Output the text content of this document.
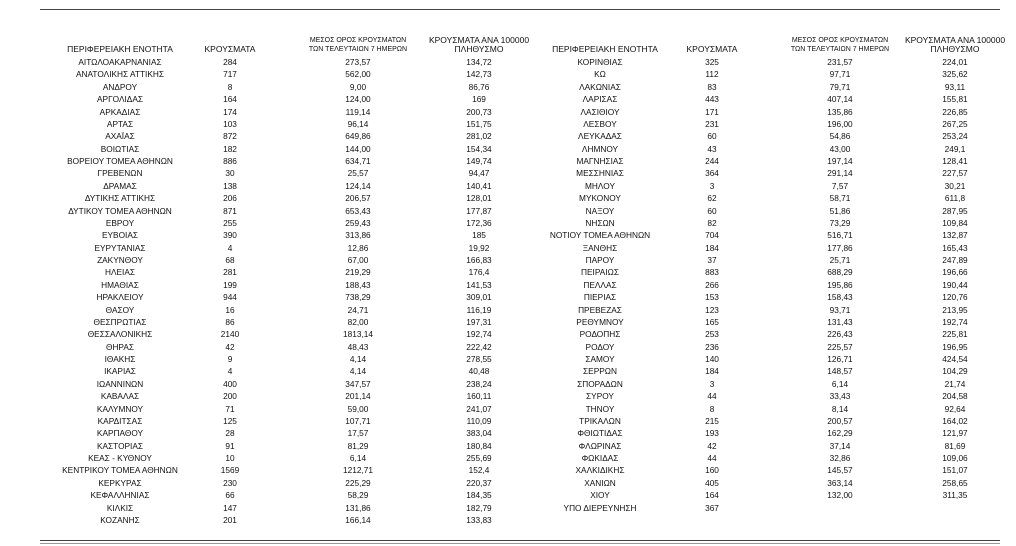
ΠΕΡΙΦΕΡΕΙΑΚΗ ΕΝΟΤΗΤΑ	ΚΡΟΥΣΜΑΤΑ
ΜΕΣΟΣ ΟΡΟΣ ΚΡΟΥΣΜΑΤΩΝ
ΤΩΝ ΤΕΛΕΥΤΑΙΩΝ 7 ΗΜΕΡΩΝ
ΚΡΟΥΣΜΑΤΑ ΑΝΑ 100000
ΠΛΗΘΥΣΜΟ
ΑΙΤΩΛΟΑΚΑΡΝΑΝΙΑΣ	284	273,57	134,72
ΑΝΑΤΟΛΙΚΗΣ ΑΤΤΙΚΗΣ	717	562,00	142,73
ΑΝΔΡΟΥ	8	9,00	86,76
ΑΡΓΟΛΙΔΑΣ	164	124,00	169
ΑΡΚΑΔΙΑΣ	174	119,14	200,73
ΑΡΤΑΣ	103	96,14	151,75
ΑΧΑΪΑΣ	872	649,86	281,02
ΒΟΙΩΤΙΑΣ	182	144,00	154,34
ΒΟΡΕΙΟΥ ΤΟΜΕΑ ΑΘΗΝΩΝ	886	634,71	149,74
ΓΡΕΒΕΝΩΝ	30	25,57	94,47
ΔΡΑΜΑΣ	138	124,14	140,41
ΔΥΤΙΚΗΣ ΑΤΤΙΚΗΣ	206	206,57	128,01
ΔΥΤΙΚΟΥ ΤΟΜΕΑ ΑΘΗΝΩΝ	871	653,43	177,87
ΕΒΡΟΥ	255	259,43	172,36
ΕΥΒΟΙΑΣ	390	313,86	185
ΕΥΡΥΤΑΝΙΑΣ	4	12,86	19,92
ΖΑΚΥΝΘΟΥ	68	67,00	166,83
ΗΛΕΙΑΣ	281	219,29	176,4
ΗΜΑΘΙΑΣ	199	188,43	141,53
ΗΡΑΚΛΕΙΟΥ	944	738,29	309,01
ΘΑΣΟΥ	16	24,71	116,19
ΘΕΣΠΡΩΤΙΑΣ	86	82,00	197,31
ΘΕΣΣΑΛΟΝΙΚΗΣ	2140	1813,14	192,74
ΘΗΡΑΣ	42	48,43	222,42
ΙΘΑΚΗΣ	9	4,14	278,55
ΙΚΑΡΙΑΣ	4	4,14	40,48
ΙΩΑΝΝΙΝΩΝ	400	347,57	238,24
ΚΑΒΑΛΑΣ	200	201,14	160,11
ΚΑΛΥΜΝΟΥ	71	59,00	241,07
ΚΑΡΔΙΤΣΑΣ	125	107,71	110,09
ΚΑΡΠΑΘΟΥ	28	17,57	383,04
ΚΑΣΤΟΡΙΑΣ	91	81,29	180,84
ΚΕΑΣ - ΚΥΘΝΟΥ	10	6,14	255,69
ΚΕΝΤΡΙΚΟΥ ΤΟΜΕΑ ΑΘΗΝΩΝ	1569	1212,71	152,4
ΚΕΡΚΥΡΑΣ	230	225,29	220,37
ΚΕΦΑΛΛΗΝΙΑΣ	66	58,29	184,35
ΚΙΛΚΙΣ	147	131,86	182,79
ΚΟΖΑΝΗΣ	201	166,14	133,83
ΠΕΡΙΦΕΡΕΙΑΚΗ ΕΝΟΤΗΤΑ	ΚΡΟΥΣΜΑΤΑ
ΜΕΣΟΣ ΟΡΟΣ ΚΡΟΥΣΜΑΤΩΝ
ΤΩΝ ΤΕΛΕΥΤΑΙΩΝ 7 ΗΜΕΡΩΝ
ΚΡΟΥΣΜΑΤΑ ΑΝΑ 100000
ΠΛΗΘΥΣΜΟ
ΚΟΡΙΝΘΙΑΣ	325	231,57	224,01
ΚΩ	112	97,71	325,62
ΛΑΚΩΝΙΑΣ	83	79,71	93,11
ΛΑΡΙΣΑΣ	443	407,14	155,81
ΛΑΣΙΘΙΟΥ	171	135,86	226,85
ΛΕΣΒΟΥ	231	196,00	267,25
ΛΕΥΚΑΔΑΣ	60	54,86	253,24
ΛΗΜΝΟΥ	43	43,00	249,1
ΜΑΓΝΗΣΙΑΣ	244	197,14	128,41
ΜΕΣΣΗΝΙΑΣ	364	291,14	227,57
ΜΗΛΟΥ	3	7,57	30,21
ΜΥΚΟΝΟΥ	62	58,71	611,8
ΝΑΞΟΥ	60	51,86	287,95
ΝΗΣΩΝ	82	73,29	109,84
ΝΟΤΙΟΥ ΤΟΜΕΑ ΑΘΗΝΩΝ	704	516,71	132,87
ΞΑΝΘΗΣ	184	177,86	165,43
ΠΑΡΟΥ	37	25,71	247,89
ΠΕΙΡΑΙΩΣ	883	688,29	196,66
ΠΕΛΛΑΣ	266	195,86	190,44
ΠΙΕΡΙΑΣ	153	158,43	120,76
ΠΡΕΒΕΖΑΣ	123	93,71	213,95
ΡΕΘΥΜΝΟΥ	165	131,43	192,74
ΡΟΔΟΠΗΣ	253	226,43	225,81
ΡΟΔΟΥ	236	225,57	196,95
ΣΑΜΟΥ	140	126,71	424,54
ΣΕΡΡΩΝ	184	148,57	104,29
ΣΠΟΡΑΔΩΝ	3	6,14	21,74
ΣΥΡΟΥ	44	33,43	204,58
ΤΗΝΟΥ	8	8,14	92,64
ΤΡΙΚΑΛΩΝ	215	200,57	164,02
ΦΘΙΩΤΙΔΑΣ	193	162,29	121,97
ΦΛΩΡΙΝΑΣ	42	37,14	81,69
ΦΩΚΙΔΑΣ	44	32,86	109,06
ΧΑΛΚΙΔΙΚΗΣ	160	145,57	151,07
ΧΑΝΙΩΝ	405	363,14	258,65
ΧΙΟΥ	164	132,00	311,35
ΥΠΟ ΔΙΕΡΕΥΝΗΣΗ	367
